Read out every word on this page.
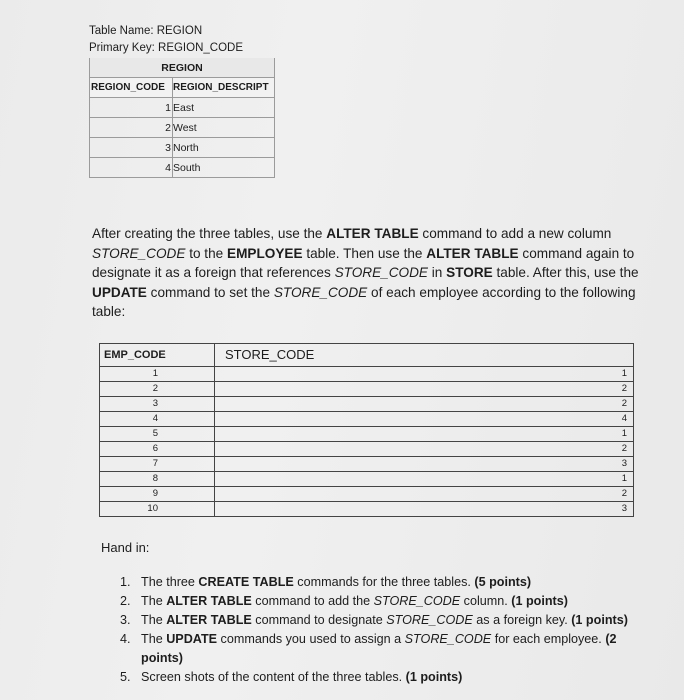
Table Name: REGION
Primary Key: REGION_CODE
REGION	
REGION_CODE	REGION_DESCRIPT
1	East
2	West
3	North
4	South
After creating the three tables, use the ALTER TABLE command to add a new column STORE_CODE to the EMPLOYEE table. Then use the ALTER TABLE command again to designate it as a foreign that references STORE_CODE in STORE table. After this, use the UPDATE command to set the STORE_CODE of each employee according to the following table:
EMP_CODE	STORE_CODE
1	1
2	2
3	2
4	4
5	1
6	2
7	3
8	1
9	2
10	3
Hand in:
1. The three CREATE TABLE commands for the three tables. (5 points)
2. The ALTER TABLE command to add the STORE_CODE column. (1 points)
3. The ALTER TABLE command to designate STORE_CODE as a foreign key. (1 points)
4. The UPDATE commands you used to assign a STORE_CODE for each employee. (2 points)
5. Screen shots of the content of the three tables. (1 points)
